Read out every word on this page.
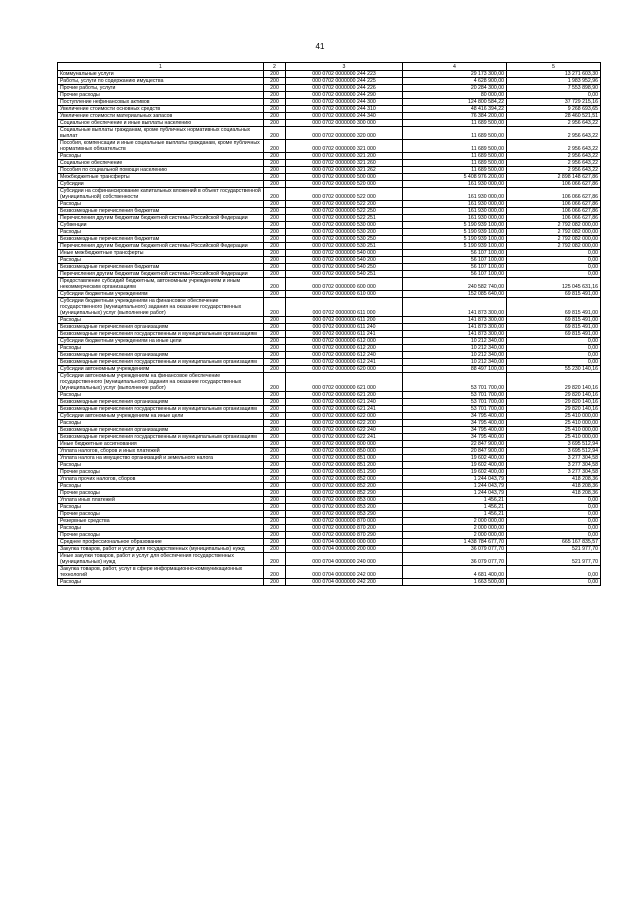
41
1	2	3	4	5
Коммунальные услуги	200	000 0702 0000000 244 223	29 173 300,00	13 271 603,30
Работы, услуги по содержанию имущества	200	000 0702 0000000 244 225	4 628 900,00	1 983 952,96
Прочие работы, услуги	200	000 0702 0000000 244 226	20 284 300,00	7 553 898,90
Прочие расходы	200	000 0702 0000000 244 290	80 000,00	0,00
Поступление нефинансовых активов	200	000 0702 0000000 244 300	124 800 584,22	37 729 215,16
Увеличение стоимости основных средств	200	000 0702 0000000 244 310	48 416 394,22	9 268 693,65
Увеличение стоимости материальных запасов	200	000 0702 0000000 244 340	76 384 200,00	28 460 521,51
Социальное обеспечение и иные выплаты населению	200	000 0702 0000000 300 000	11 689 500,00	2 956 643,22
Социальные выплаты гражданам, кроме публичных нормативных социальных выплат	200	000 0702 0000000 320 000	11 689 500,00	2 956 643,22
Пособия, компенсации и иные социальные выплаты гражданам, кроме публичных нормативных обязательств	200	000 0702 0000000 321 000	11 689 500,00	2 956 643,22
Расходы	200	000 0702 0000000 321 200	11 689 500,00	2 956 643,22
Социальное обеспечение	200	000 0702 0000000 321 260	11 689 500,00	2 956 643,22
Пособия по социальной помощи населению	200	000 0702 0000000 321 262	11 689 500,00	2 956 643,22
Межбюджетные трансферты	200	000 0702 0000000 500 000	5 408 976 200,00	2 898 148 627,86
Субсидии	200	000 0702 0000000 520 000	161 930 000,00	106 066 627,86
Субсидии на софинансирование капитальных вложений в объект государственной (муниципальной) собственности	200	000 0702 0000000 522 000	161 930 000,00	106 066 627,86
Расходы	200	000 0702 0000000 522 200	161 930 000,00	106 066 627,86
Безвозмездные перечисления бюджетам	200	000 0702 0000000 522 250	161 930 000,00	106 066 627,86
Перечисления другим бюджетам бюджетной системы Российской Федерации	200	000 0702 0000000 522 251	161 930 000,00	106 066 627,86
Субвенции	200	000 0702 0000000 530 000	5 190 939 100,00	2 792 082 000,00
Расходы	200	000 0702 0000000 530 200	5 190 939 100,00	2 792 082 000,00
Безвозмездные перечисления бюджетам	200	000 0702 0000000 530 250	5 190 939 100,00	2 792 082 000,00
Перечисления другим бюджетам бюджетной системы Российской Федерации	200	000 0702 0000000 530 251	5 190 939 100,00	2 792 082 000,00
Иные межбюджетные трансферты	200	000 0702 0000000 540 000	56 107 100,00	0,00
Расходы	200	000 0702 0000000 540 200	56 107 100,00	0,00
Безвозмездные перечисления бюджетам	200	000 0702 0000000 540 250	56 107 100,00	0,00
Перечисления другим бюджетам бюджетной системы Российской Федерации	200	000 0702 0000000 540 251	56 107 100,00	0,00
Предоставление субсидий бюджетным, автономным учреждениям и иным некоммерческим организациям	200	000 0702 0000000 600 000	240 582 740,00	125 045 631,16
Субсидии бюджетным учреждениям	200	000 0702 0000000 610 000	152 085 640,00	69 815 491,00
Субсидии бюджетным учреждениям на финансовое обеспечение государственного (муниципального) задания на оказание государственных (муниципальных) услуг (выполнение работ)	200	000 0702 0000000 611 000	141 873 300,00	69 815 491,00
Расходы	200	000 0702 0000000 611 200	141 873 300,00	69 815 491,00
Безвозмездные перечисления организациям	200	000 0702 0000000 611 240	141 873 300,00	69 815 491,00
Безвозмездные перечисления государственным и муниципальным организациям	200	000 0702 0000000 611 241	141 873 300,00	69 815 491,00
Субсидии бюджетным учреждениям на иные цели	200	000 0702 0000000 612 000	10 212 340,00	0,00
Расходы	200	000 0702 0000000 612 200	10 212 340,00	0,00
Безвозмездные перечисления организациям	200	000 0702 0000000 612 240	10 212 340,00	0,00
Безвозмездные перечисления государственным и муниципальным организациям	200	000 0702 0000000 612 241	10 212 340,00	0,00
Субсидии автономным учреждениям	200	000 0702 0000000 620 000	88 497 100,00	55 230 140,16
Субсидии автономным учреждениям на финансовое обеспечение государственного (муниципального) задания на оказание государственных (муниципальных) услуг (выполнение работ)	200	000 0702 0000000 621 000	53 701 700,00	29 820 140,16
Расходы	200	000 0702 0000000 621 200	53 701 700,00	29 820 140,16
Безвозмездные перечисления организациям	200	000 0702 0000000 621 240	53 701 700,00	29 820 140,16
Безвозмездные перечисления государственным и муниципальным организациям	200	000 0702 0000000 621 241	53 701 700,00	29 820 140,16
Субсидии автономным учреждениям на иные цели	200	000 0702 0000000 622 000	34 795 400,00	25 410 000,00
Расходы	200	000 0702 0000000 622 200	34 795 400,00	25 410 000,00
Безвозмездные перечисления организациям	200	000 0702 0000000 622 240	34 795 400,00	25 410 000,00
Безвозмездные перечисления государственным и муниципальным организациям	200	000 0702 0000000 622 241	34 795 400,00	25 410 000,00
Иные бюджетные ассигнования	200	000 0702 0000000 800 000	22 847 900,00	3 695 512,94
Уплата налогов, сборов и иных платежей	200	000 0702 0000000 850 000	20 847 900,00	3 695 512,94
Уплата налога на имущество организаций и земельного налога	200	000 0702 0000000 851 000	19 602 400,00	3 277 304,58
Расходы	200	000 0702 0000000 851 200	19 602 400,00	3 277 304,58
Прочие расходы	200	000 0702 0000000 851 290	19 602 400,00	3 277 304,58
Уплата прочих налогов, сборов	200	000 0702 0000000 852 000	1 244 043,79	418 208,36
Расходы	200	000 0702 0000000 852 200	1 244 043,79	418 208,36
Прочие расходы	200	000 0702 0000000 852 290	1 244 043,79	418 208,36
Уплата иных платежей	200	000 0702 0000000 853 000	1 456,21	0,00
Расходы	200	000 0702 0000000 853 200	1 456,21	0,00
Прочие расходы	200	000 0702 0000000 853 290	1 456,21	0,00
Резервные средства	200	000 0702 0000000 870 000	2 000 000,00	0,00
Расходы	200	000 0702 0000000 870 200	2 000 000,00	0,00
Прочие расходы	200	000 0702 0000000 870 290	2 000 000,00	0,00
Среднее профессиональное образование	200	000 0704 0000000 000 000	1 438 784 677,70	665 167 835,57
Закупка товаров, работ и услуг для государственных (муниципальных) нужд	200	000 0704 0000000 200 000	36 079 077,70	521 977,70
Иные закупки товаров, работ и услуг для обеспечения государственных (муниципальных) нужд	200	000 0704 0000000 240 000	36 079 077,70	521 977,70
Закупка товаров, работ, услуг в сфере информационно-коммуникационных технологий	200	000 0704 0000000 242 000	4 681 400,00	0,00
Расходы	200	000 0704 0000000 242 200	1 663 500,00	0,00
